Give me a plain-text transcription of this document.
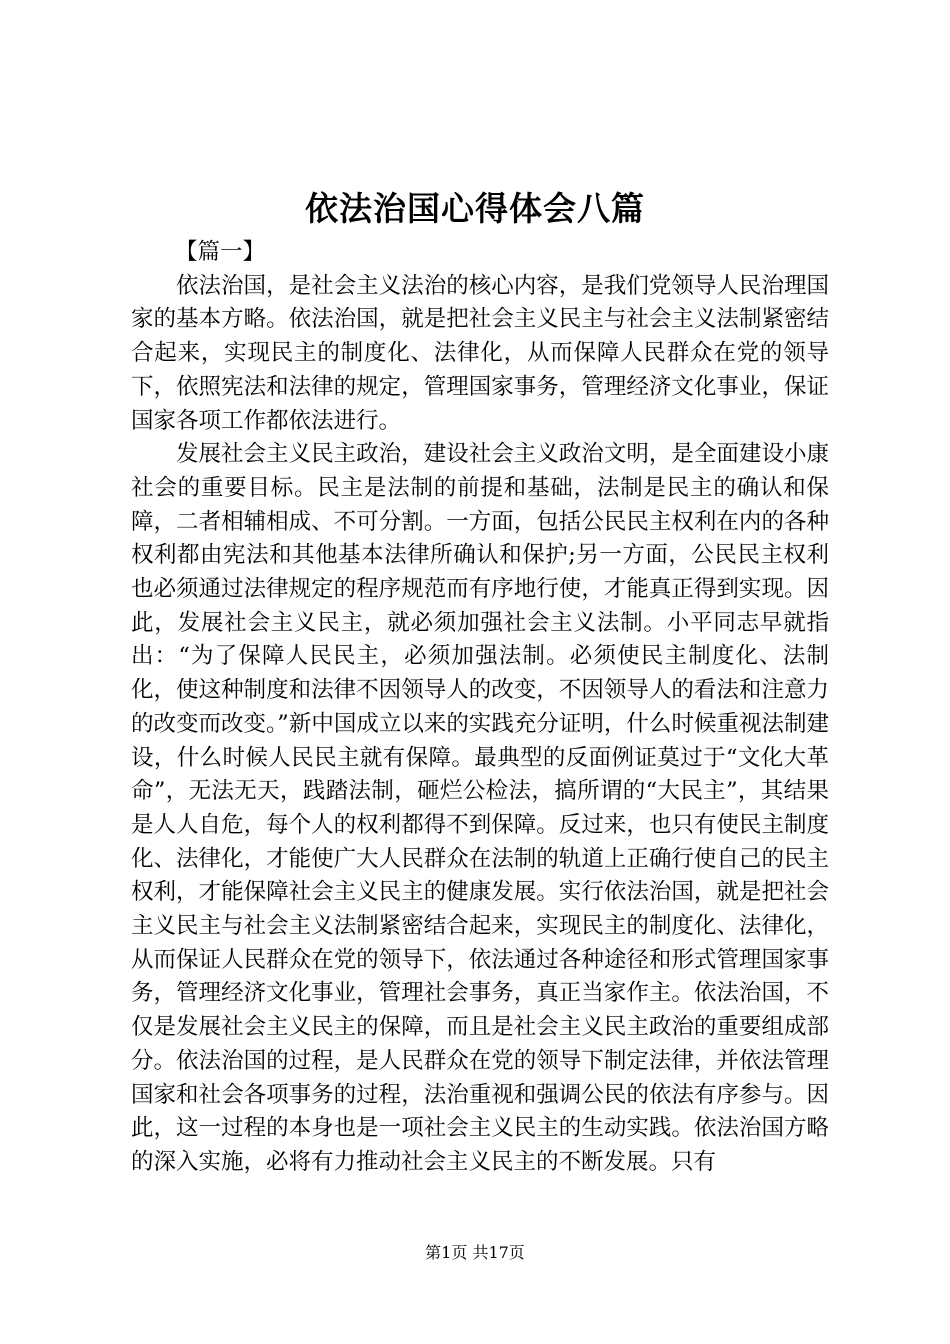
依法治国心得体会八篇

【篇一】

依法治国，是社会主义法治的核心内容，是我们党领导人民治理国家的基本方略。依法治国，就是把社会主义民主与社会主义法制紧密结合起来，实现民主的制度化、法律化，从而保障人民群众在党的领导下，依照宪法和法律的规定，管理国家事务，管理经济文化事业，保证国家各项工作都依法进行。

发展社会主义民主政治，建设社会主义政治文明，是全面建设小康社会的重要目标。民主是法制的前提和基础，法制是民主的确认和保障，二者相辅相成、不可分割。一方面，包括公民民主权利在内的各种权利都由宪法和其他基本法律所确认和保护;另一方面，公民民主权利也必须通过法律规定的程序规范而有序地行使，才能真正得到实现。因此，发展社会主义民主，就必须加强社会主义法制。小平同志早就指出：“为了保障人民民主，必须加强法制。必须使民主制度化、法制化，使这种制度和法律不因领导人的改变，不因领导人的看法和注意力的改变而改变。”新中国成立以来的实践充分证明，什么时候重视法制建设，什么时候人民民主就有保障。最典型的反面例证莫过于“文化大革命”，无法无天，践踏法制，砸烂公检法，搞所谓的“大民主”，其结果是人人自危，每个人的权利都得不到保障。反过来，也只有使民主制度化、法律化，才能使广大人民群众在法制的轨道上正确行使自己的民主权利，才能保障社会主义民主的健康发展。实行依法治国，就是把社会主义民主与社会主义法制紧密结合起来，实现民主的制度化、法律化，从而保证人民群众在党的领导下，依法通过各种途径和形式管理国家事务，管理经济文化事业，管理社会事务，真正当家作主。依法治国，不仅是发展社会主义民主的保障，而且是社会主义民主政治的重要组成部分。依法治国的过程，是人民群众在党的领导下制定法律，并依法管理国家和社会各项事务的过程，法治重视和强调公民的依法有序参与。因此，这一过程的本身也是一项社会主义民主的生动实践。依法治国方略的深入实施，必将有力推动社会主义民主的不断发展。只有

第1页 共17页
